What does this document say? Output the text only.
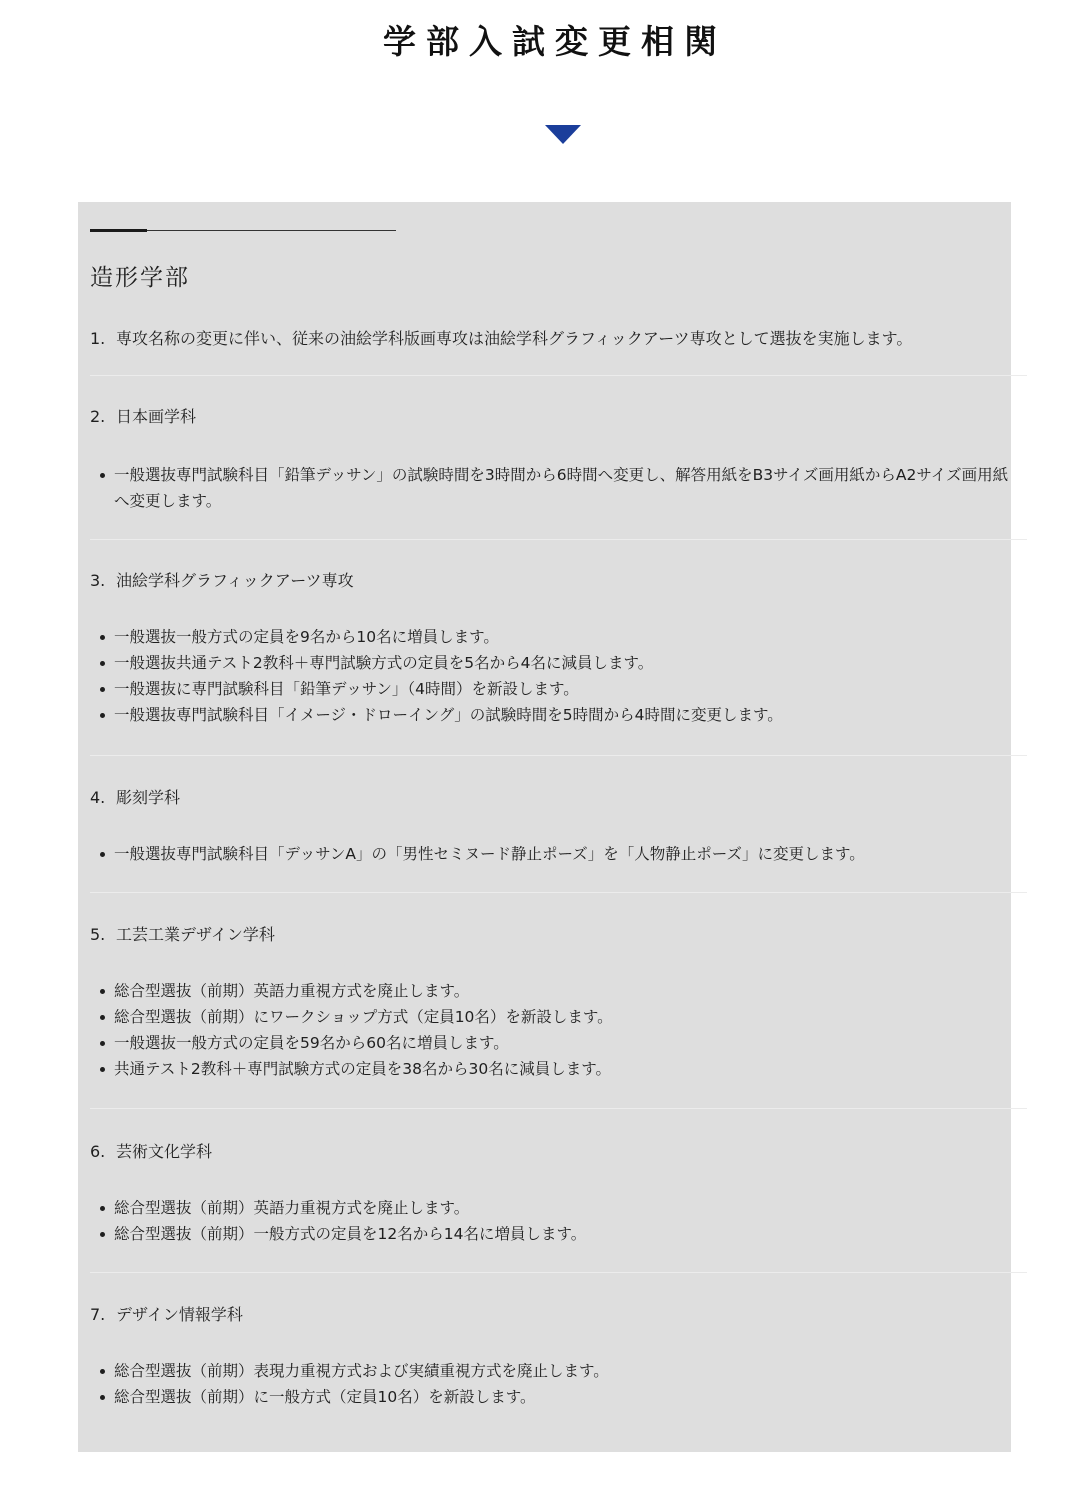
学部入試変更相関
造形学部
1. 専攻名称の変更に伴い、従来の油絵学科版画専攻は油絵学科グラフィックアーツ専攻として選抜を実施します。
2. 日本画学科
一般選抜専門試験科目「鉛筆デッサン」の試験時間を3時間から6時間へ変更し、解答用紙をB3サイズ画用紙からA2サイズ画用紙へ変更します。
3. 油絵学科グラフィックアーツ専攻
一般選抜一般方式の定員を9名から10名に増員します。
一般選抜共通テスト2教科＋専門試験方式の定員を5名から4名に減員します。
一般選抜に専門試験科目「鉛筆デッサン」（4時間）を新設します。
一般選抜専門試験科目「イメージ・ドローイング」の試験時間を5時間から4時間に変更します。
4. 彫刻学科
一般選抜専門試験科目「デッサンA」の「男性セミヌード静止ポーズ」を「人物静止ポーズ」に変更します。
5. 工芸工業デザイン学科
総合型選抜（前期）英語力重視方式を廃止します。
総合型選抜（前期）にワークショップ方式（定員10名）を新設します。
一般選抜一般方式の定員を59名から60名に増員します。
共通テスト2教科＋専門試験方式の定員を38名から30名に減員します。
6. 芸術文化学科
総合型選抜（前期）英語力重視方式を廃止します。
総合型選抜（前期）一般方式の定員を12名から14名に増員します。
7. デザイン情報学科
総合型選抜（前期）表現力重視方式および実績重視方式を廃止します。
総合型選抜（前期）に一般方式（定員10名）を新設します。
